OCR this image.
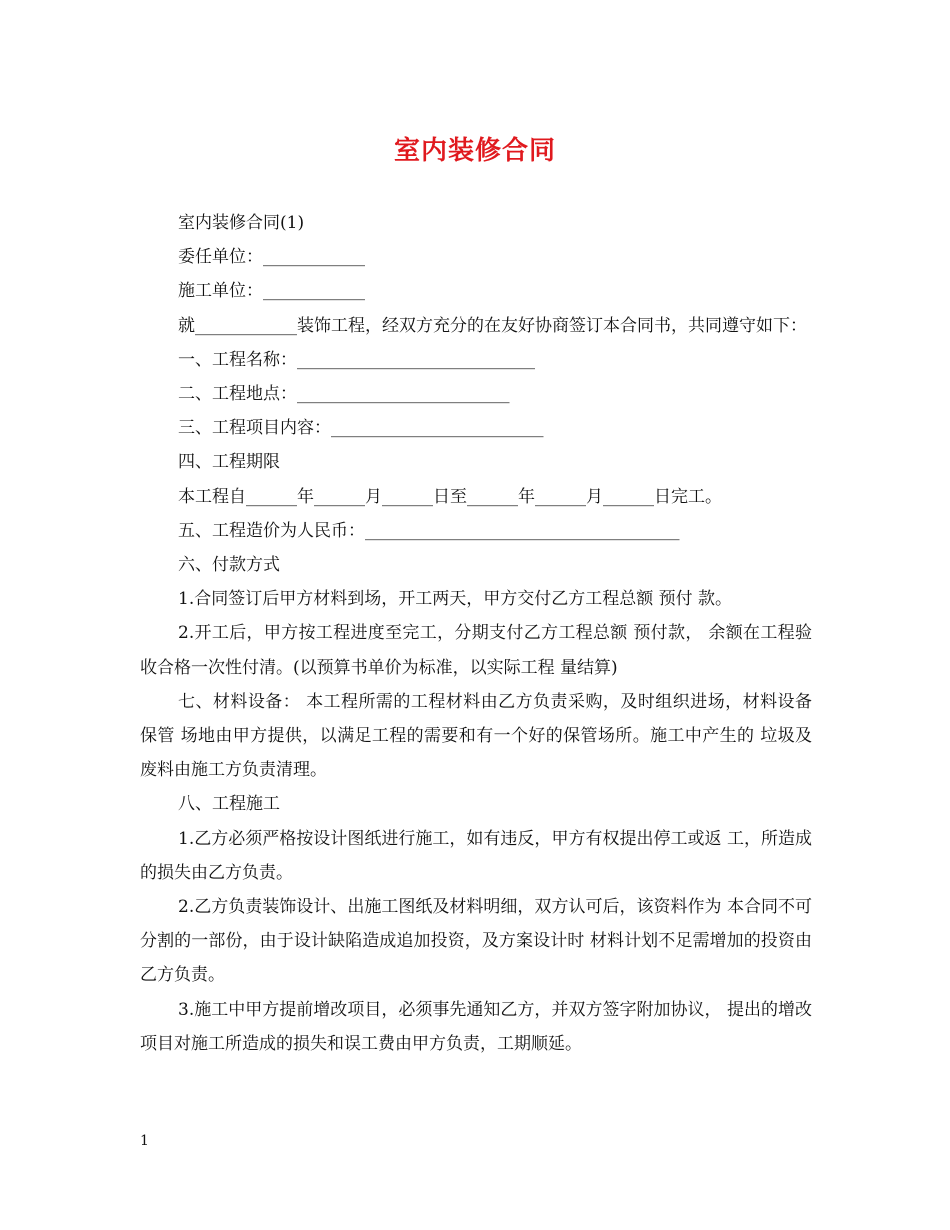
室内装修合同

室内装修合同(1)

委任单位：____________

施工单位：____________

就____________装饰工程，经双方充分的在友好协商签订本合同书，共同遵守如下：

一、工程名称：____________________________

二、工程地点：_________________________

三、工程项目内容：_________________________

四、工程期限

本工程自______年______月______日至______年______月______日完工。

五、工程造价为人民币：_____________________________________

六、付款方式

1.合同签订后甲方材料到场，开工两天，甲方交付乙方工程总额 预付 款。

2.开工后，甲方按工程进度至完工，分期支付乙方工程总额 预付款， 余额在工程验收合格一次性付清。(以预算书单价为标准，以实际工程 量结算)

七、材料设备： 本工程所需的工程材料由乙方负责采购，及时组织进场，材料设备保管 场地由甲方提供，以满足工程的需要和有一个好的保管场所。施工中产生的 垃圾及废料由施工方负责清理。

八、工程施工

1.乙方必须严格按设计图纸进行施工，如有违反，甲方有权提出停工或返 工，所造成的损失由乙方负责。

2.乙方负责装饰设计、出施工图纸及材料明细，双方认可后，该资料作为 本合同不可分割的一部份，由于设计缺陷造成追加投资，及方案设计时 材料计划不足需增加的投资由乙方负责。

3.施工中甲方提前增改项目，必须事先通知乙方，并双方签字附加协议， 提出的增改项目对施工所造成的损失和误工费由甲方负责，工期顺延。

1
